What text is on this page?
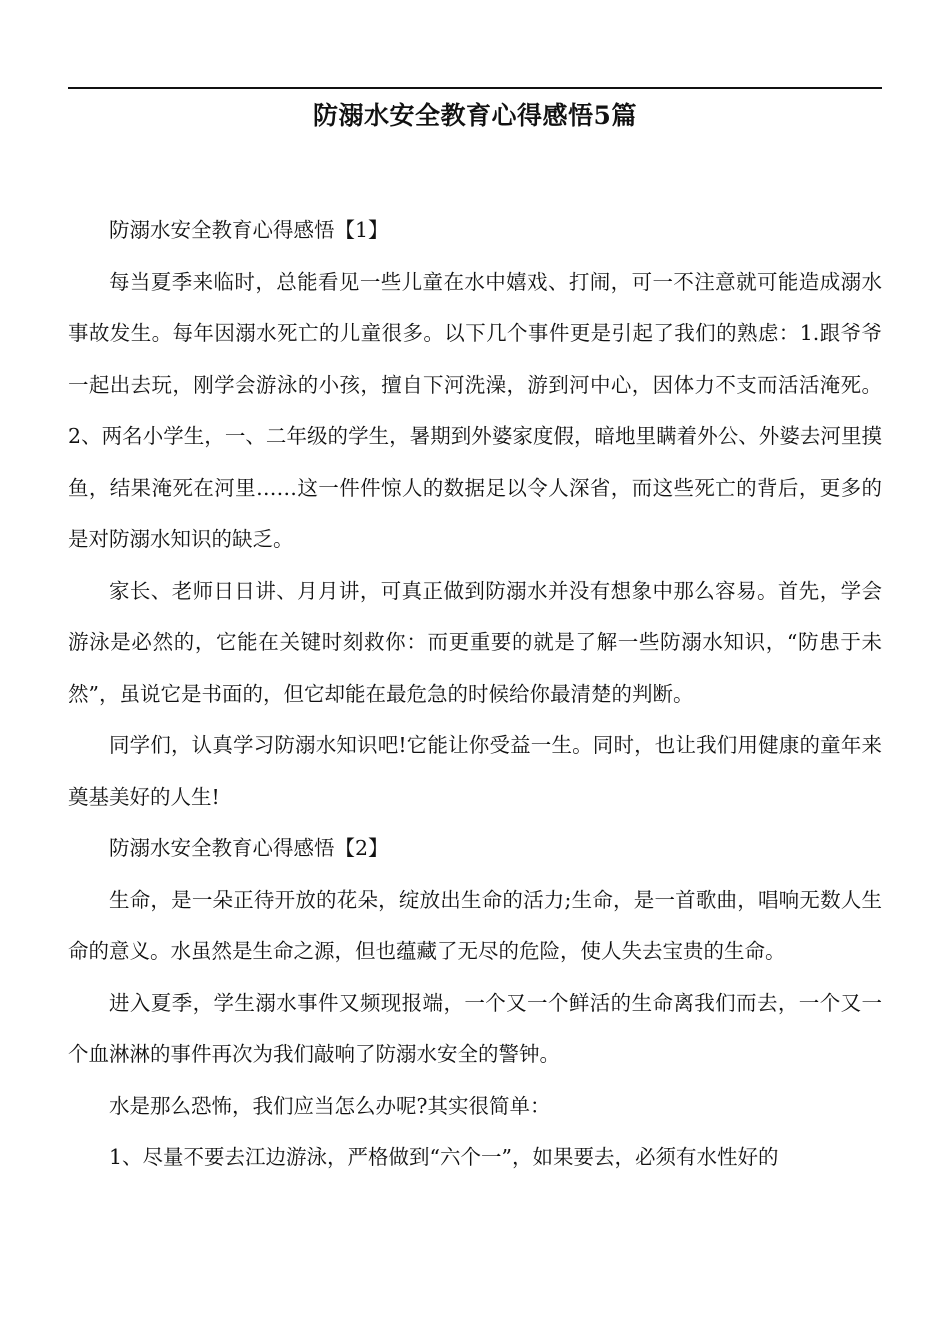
防溺水安全教育心得感悟5篇

防溺水安全教育心得感悟【1】

每当夏季来临时，总能看见一些儿童在水中嬉戏、打闹，可一不注意就可能造成溺水事故发生。每年因溺水死亡的儿童很多。以下几个事件更是引起了我们的熟虑：1.跟爷爷一起出去玩，刚学会游泳的小孩，擅自下河洗澡，游到河中心，因体力不支而活活淹死。2、两名小学生，一、二年级的学生，暑期到外婆家度假，暗地里瞒着外公、外婆去河里摸鱼，结果淹死在河里……这一件件惊人的数据足以令人深省，而这些死亡的背后，更多的是对防溺水知识的缺乏。

家长、老师日日讲、月月讲，可真正做到防溺水并没有想象中那么容易。首先，学会游泳是必然的，它能在关键时刻救你：而更重要的就是了解一些防溺水知识，“防患于未然”，虽说它是书面的，但它却能在最危急的时候给你最清楚的判断。

同学们，认真学习防溺水知识吧!它能让你受益一生。同时，也让我们用健康的童年来奠基美好的人生!

防溺水安全教育心得感悟【2】

生命，是一朵正待开放的花朵，绽放出生命的活力;生命，是一首歌曲，唱响无数人生命的意义。水虽然是生命之源，但也蕴藏了无尽的危险，使人失去宝贵的生命。

进入夏季，学生溺水事件又频现报端，一个又一个鲜活的生命离我们而去，一个又一个血淋淋的事件再次为我们敲响了防溺水安全的警钟。

水是那么恐怖，我们应当怎么办呢?其实很简单：

1、尽量不要去江边游泳，严格做到“六个一”，如果要去，必须有水性好的
